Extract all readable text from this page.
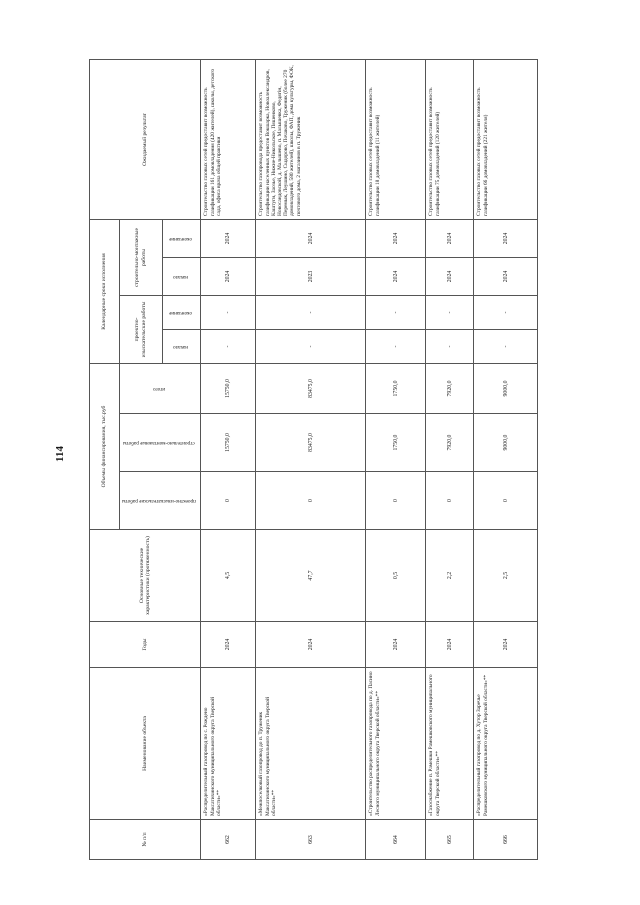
114
№ п/п	Наименование объекта	Годы	Основные технические характеристики (протяженность)	Объемы финансирования, тыс.руб			Календарные сроки исполнения				Ожидаемый результат
				проектно-изыскательские работы	строительно-монтажные работы	итого	проектно-изыскательские работы		строительно-монтажные работы		
							начало	окончание	начало	окончание	
662	«Распределительный газопровод по с. Рождено Максатихинского муниципального округа Тверской области»**	2024	4,5	0	15750,0	15750,0	-	-	2024	2024	Строительство газовых сетей предоставит возможность газификации 161 домовладения (420 жителей), школы, детского сада, офиса врача общей практики
663	«Межпоселковый газопровод до п. Труженик Максатихинского муниципального округа Тверской области»**	2024	47,7	0	83475,0	83475,0	-	-	2023	2024	Строительство газопровода предоставит возможность газификации населенных пунктов Вокшарка, Новоалександров, Каштуги, Заозье, Нижне-Никольское, Пяшенково, Новосандовской, д. Малышево, п. Малышевка, Федягін, Перемык, Леушино, Сыдорово, Почаково, Труженик (более 270 домовладений, 580 жителей), школы, ФАП, дома культуры, ФОК, почтового дома, 2 магазинов в п. Труженик
664	«Строительство распределительного газопровода по д. Пасино Лесного муниципального округа Тверской области»**	2024	0,5	0	1750,0	1750,0	-	-	2024	2024	Строительство газовых сетей предоставит возможность газификации 18 домовладений (11 жителей)
665	«Газоснабжение п. Рамешки Рамешковского муниципального округа Тверской области»**	2024	2,2	0	7920,0	7920,0	-	-	2024	2024	Строительство газовых сетей предоставит возможность газификации 75 домовладений (120 жителей)
666	«Распределительный газопровод по д. Хутор Заречье Рамешковского муниципального округа Тверской области»**	2024	2,5	0	9000,0	9000,0	-	-	2024	2024	Строительство газовых сетей предоставит возможность газификации 66 домовладений (221 жителя)
